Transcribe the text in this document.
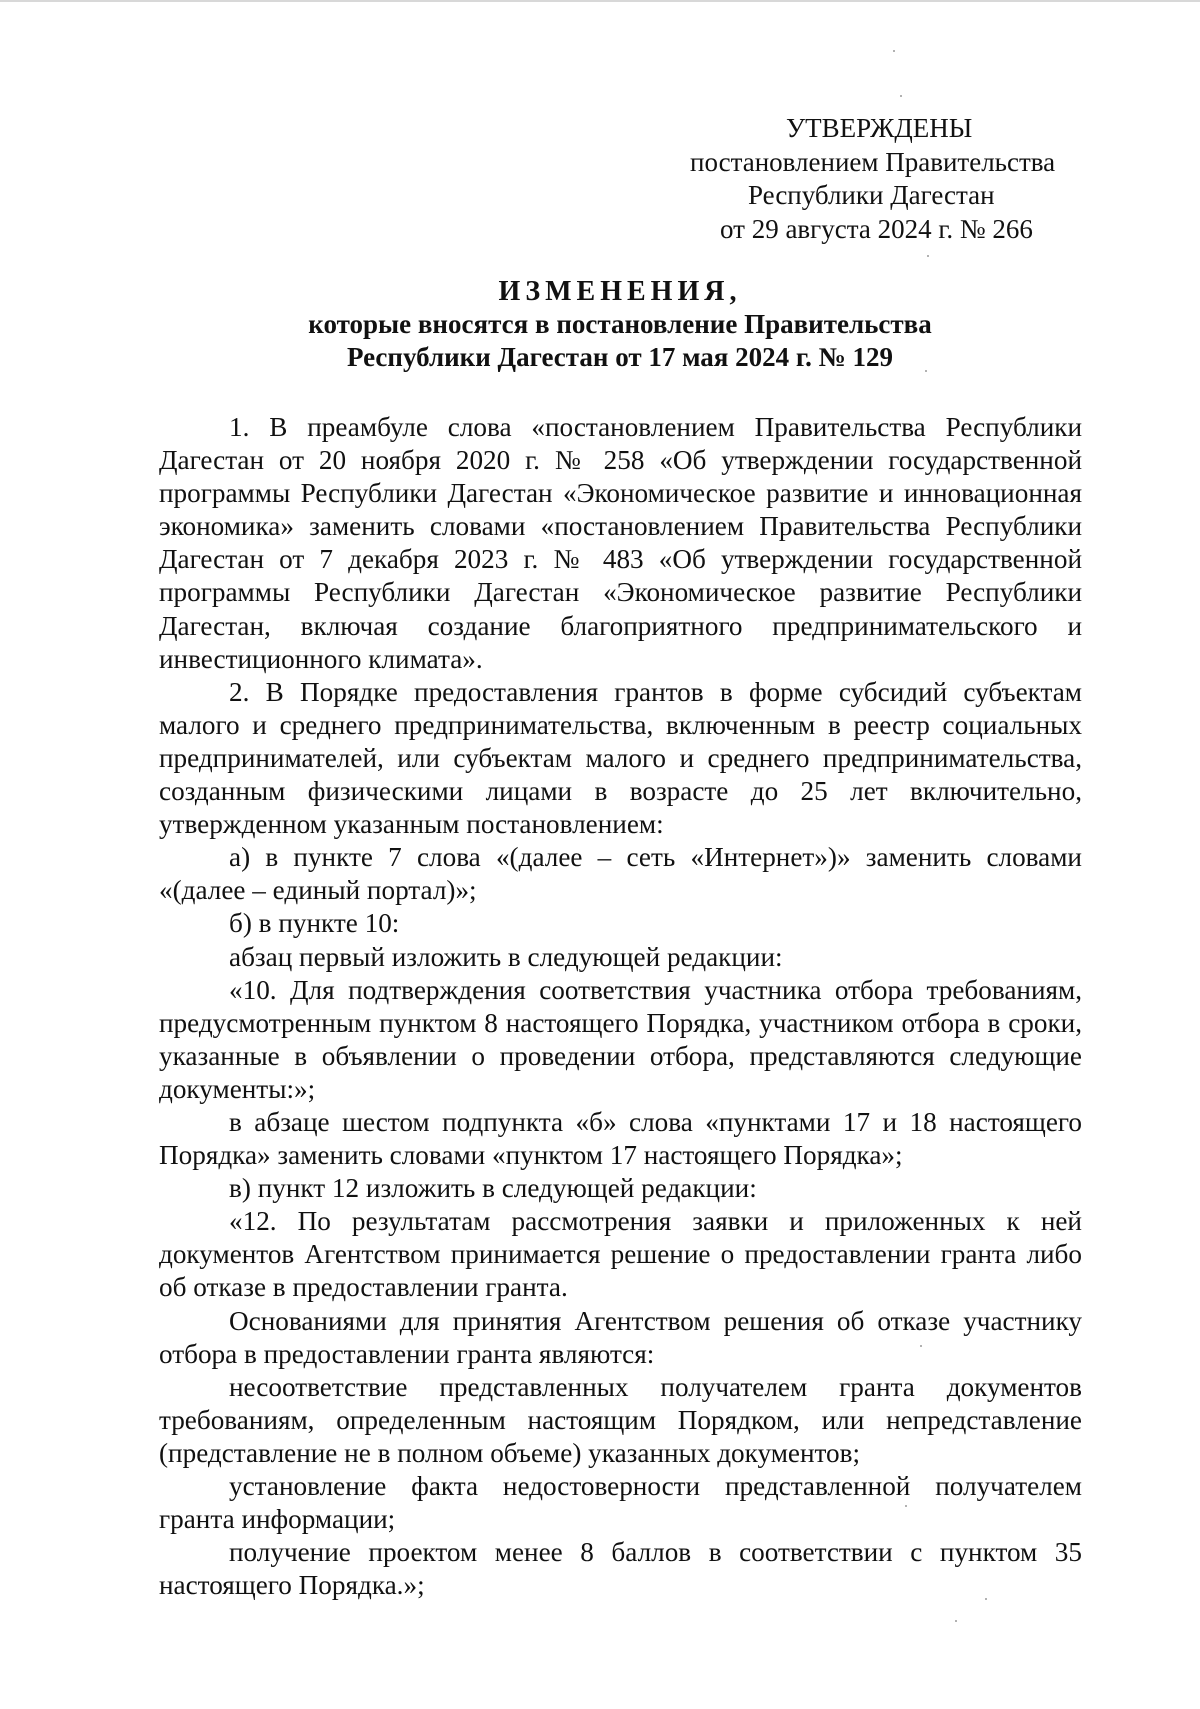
УТВЕРЖДЕНЫ
постановлением Правительства
Республики Дагестан
от 29 августа 2024 г. № 266
ИЗМЕНЕНИЯ,
которые вносятся в постановление Правительства
Республики Дагестан от 17 мая 2024 г. № 129

1. В преамбуле слова «постановлением Правительства Республики Дагестан от 20 ноября 2020 г. № 258 «Об утверждении государственной программы Республики Дагестан «Экономическое развитие и инновационная экономика» заменить словами «постановлением Правительства Республики Дагестан от 7 декабря 2023 г. № 483 «Об утверждении государственной программы Республики Дагестан «Экономическое развитие Республики Дагестан, включая создание благоприятного предпринимательского и инвестиционного климата».

2. В Порядке предоставления грантов в форме субсидий субъектам малого и среднего предпринимательства, включенным в реестр социальных предпринимателей, или субъектам малого и среднего предпринимательства, созданным физическими лицами в возрасте до 25 лет включительно, утвержденном указанным постановлением:

а) в пункте 7 слова «(далее – сеть «Интернет»)» заменить словами «(далее – единый портал)»;

б) в пункте 10:

абзац первый изложить в следующей редакции:

«10. Для подтверждения соответствия участника отбора требованиям, предусмотренным пунктом 8 настоящего Порядка, участником отбора в сроки, указанные в объявлении о проведении отбора, представляются следующие документы:»;

в абзаце шестом подпункта «б» слова «пунктами 17 и 18 настоящего Порядка» заменить словами «пунктом 17 настоящего Порядка»;

в) пункт 12 изложить в следующей редакции:

«12. По результатам рассмотрения заявки и приложенных к ней документов Агентством принимается решение о предоставлении гранта либо об отказе в предоставлении гранта.

Основаниями для принятия Агентством решения об отказе участнику отбора в предоставлении гранта являются:

несоответствие представленных получателем гранта документов требованиям, определенным настоящим Порядком, или непредставление (представление не в полном объеме) указанных документов;

установление факта недостоверности представленной получателем гранта информации;

получение проектом менее 8 баллов в соответствии с пунктом 35 настоящего Порядка.»;
